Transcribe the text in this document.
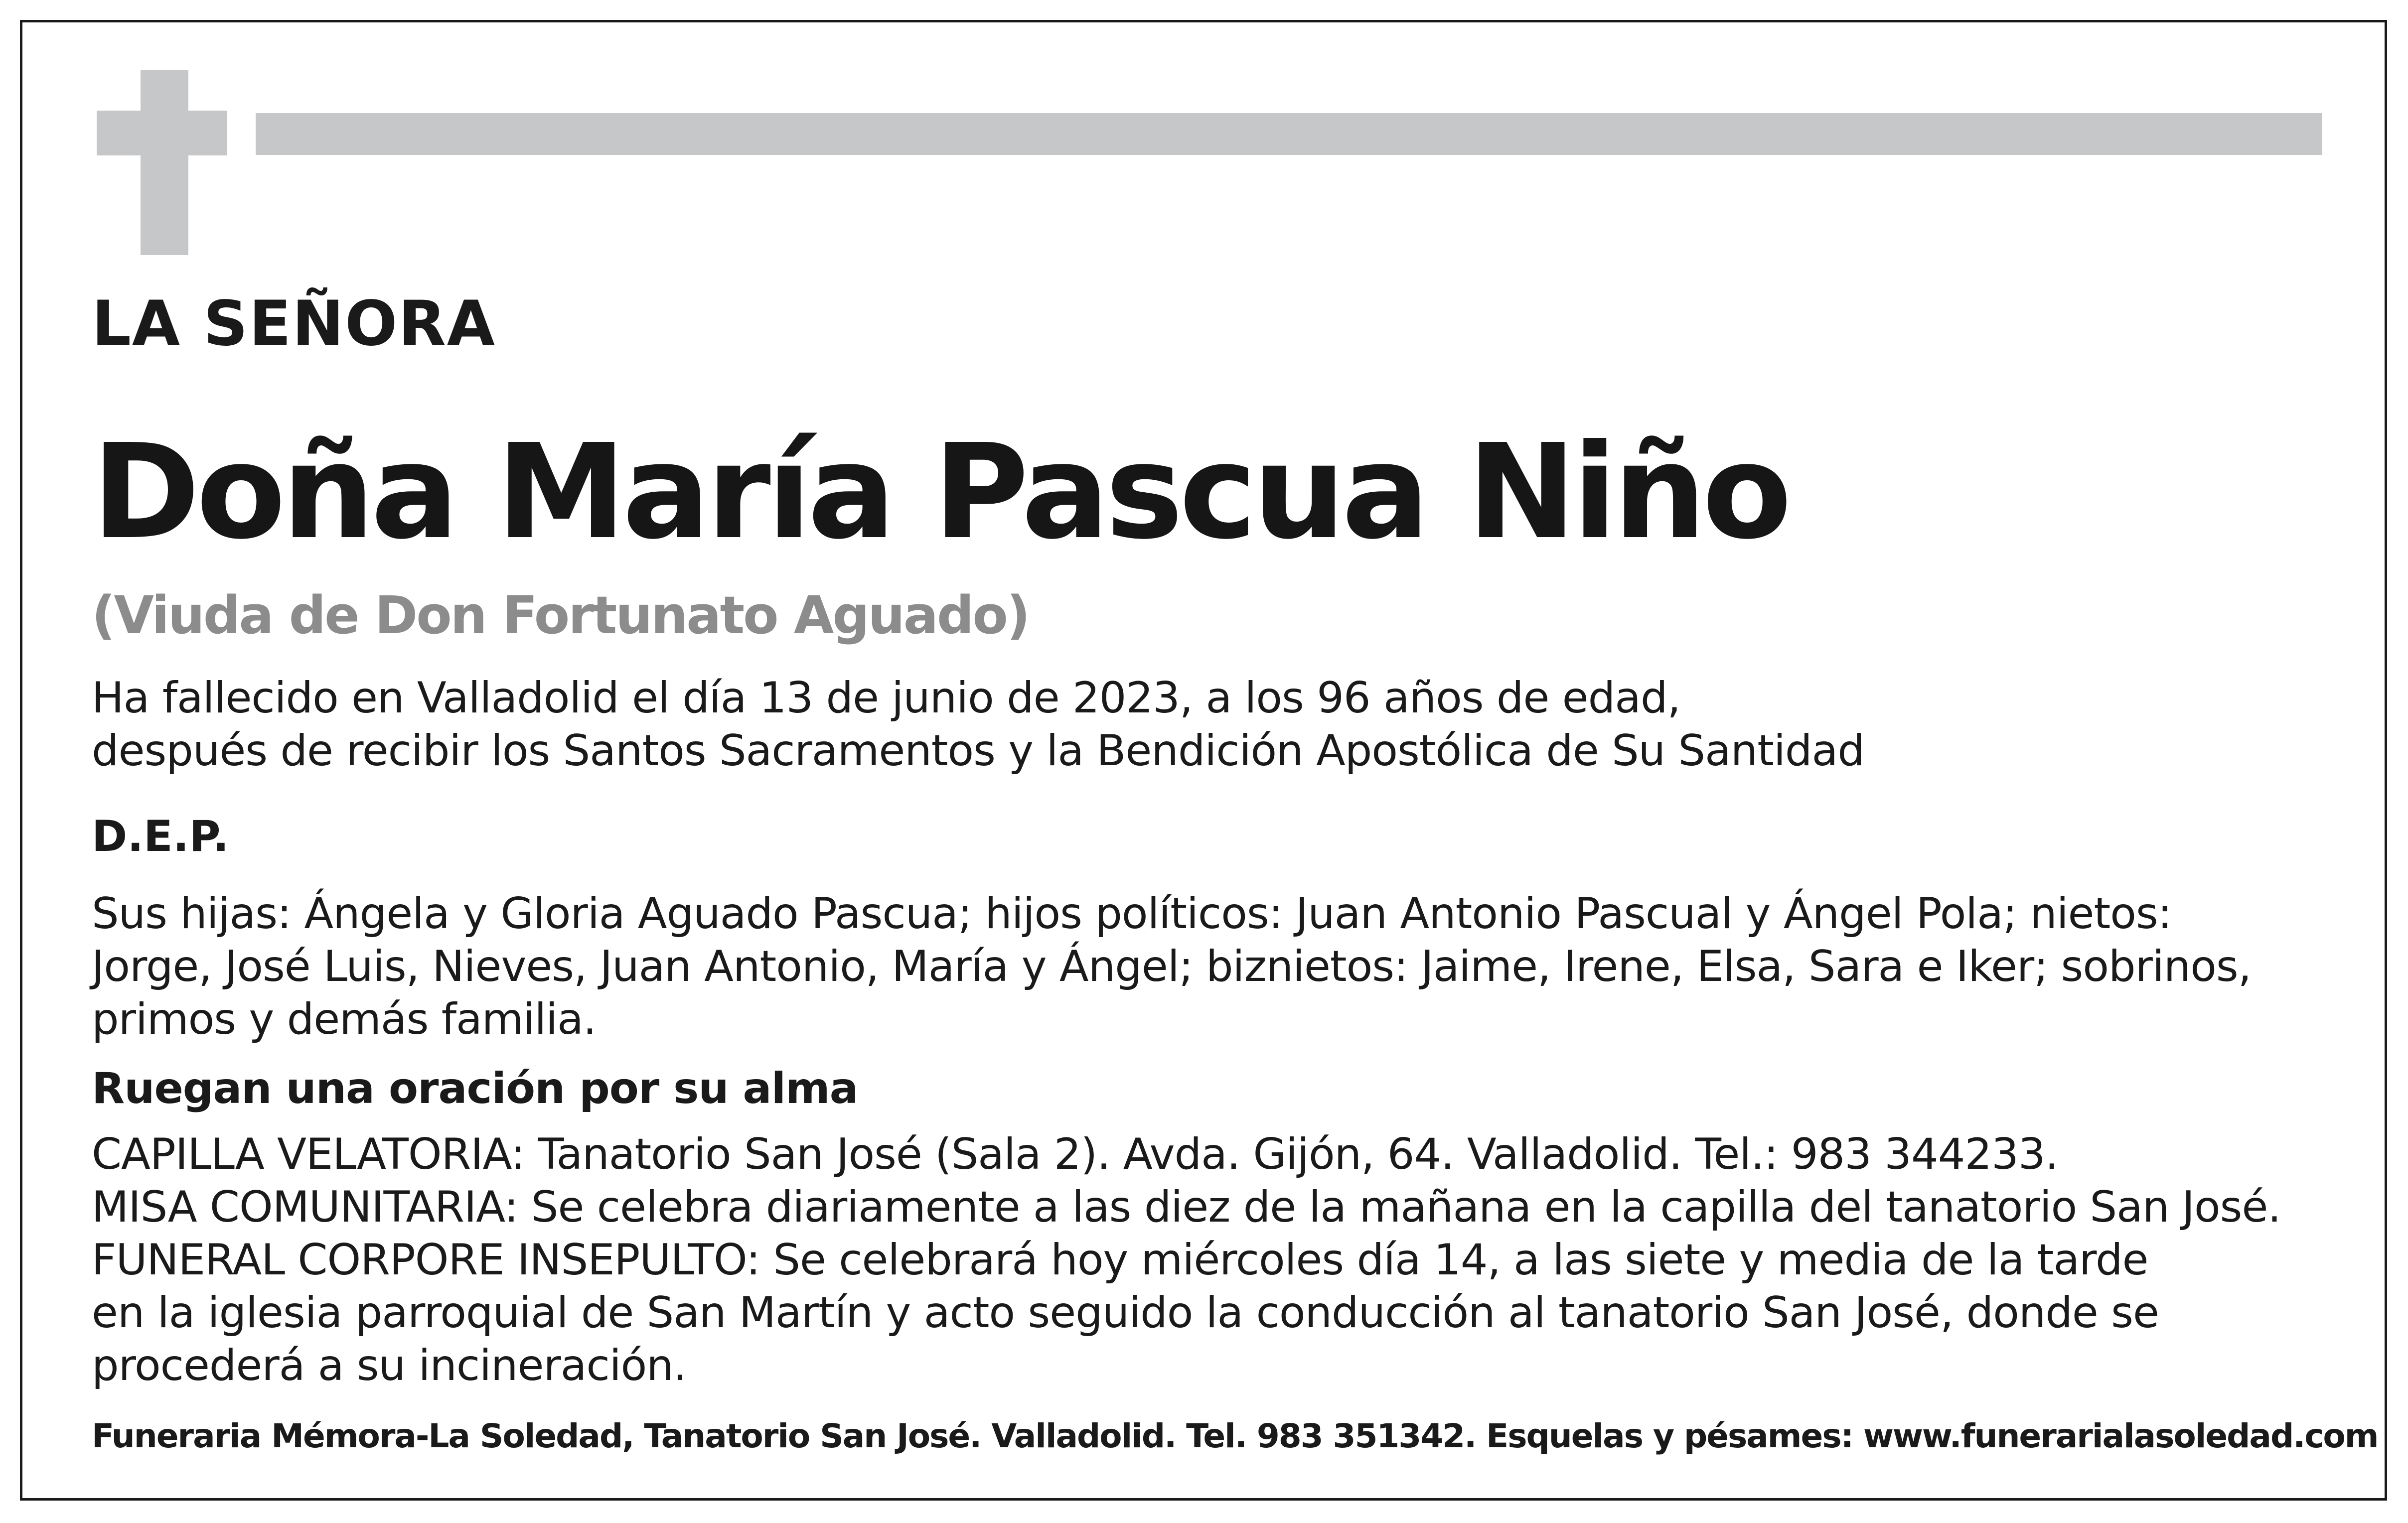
LA SEÑORA

Doña María Pascua Niño

(Viuda de Don Fortunato Aguado)

Ha fallecido en Valladolid el día 13 de junio de 2023, a los 96 años de edad,
después de recibir los Santos Sacramentos y la Bendición Apostólica de Su Santidad

D.E.P.

Sus hijas: Ángela y Gloria Aguado Pascua; hijos políticos: Juan Antonio Pascual y Ángel Pola; nietos:
Jorge, José Luis, Nieves, Juan Antonio, María y Ángel; biznietos: Jaime, Irene, Elsa, Sara e Iker; sobrinos,
primos y demás familia.

Ruegan una oración por su alma

CAPILLA VELATORIA: Tanatorio San José (Sala 2). Avda. Gijón, 64. Valladolid. Tel.: 983 344233.
MISA COMUNITARIA: Se celebra diariamente a las diez de la mañana en la capilla del tanatorio San José.
FUNERAL CORPORE INSEPULTO: Se celebrará hoy miércoles día 14, a las siete y media de la tarde
en la iglesia parroquial de San Martín y acto seguido la conducción al tanatorio San José, donde se
procederá a su incineración.

Funeraria Mémora-La Soledad, Tanatorio San José. Valladolid. Tel. 983 351342. Esquelas y pésames: www.funerarialasoledad.com
